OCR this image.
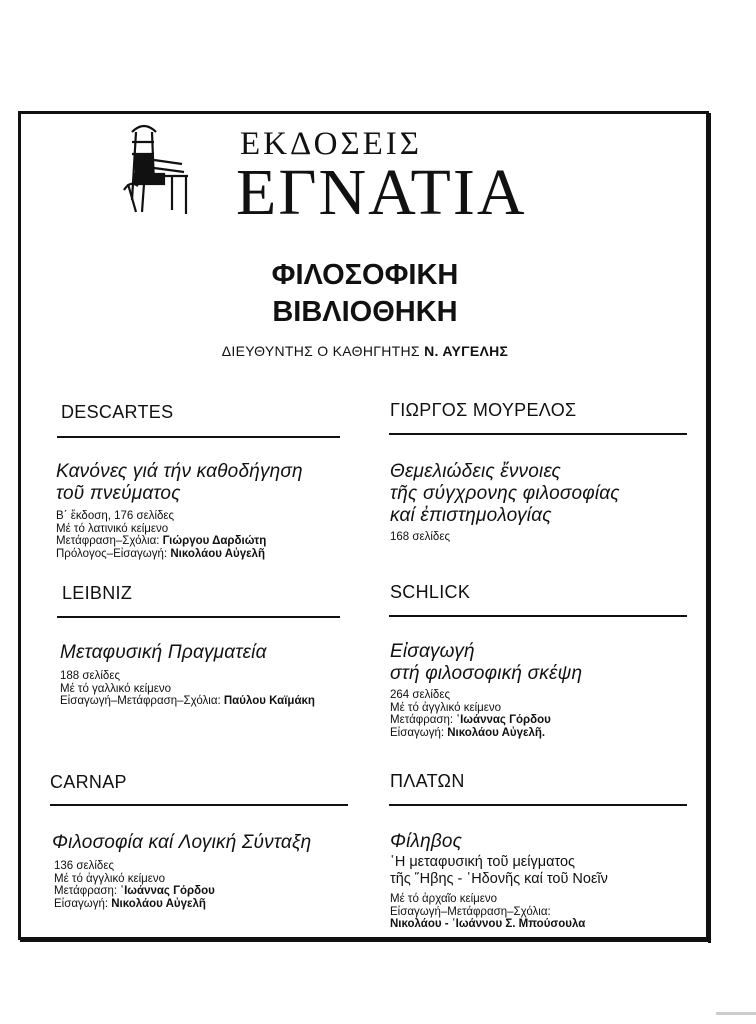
ΕΚΔΟΣΕΙΣ
ΕΓΝΑΤΙΑ
ΦΙΛΟΣΟΦΙΚΗ
ΒΙΒΛΙΟΘΗΚΗ
ΔΙΕΥΘΥΝΤΗΣ Ο ΚΑΘΗΓΗΤΗΣ Ν. ΑΥΓΕΛΗΣ
DESCARTES
Κανόνες γιά τήν καθοδήγηση
τοῦ πνεύματος
Β΄ ἔκδοση, 176 σελίδες
Μέ τό λατινικό κείμενο
Μετάφραση–Σχόλια: Γιώργου Δαρδιώτη
Πρόλογος–Εἰσαγωγή: Νικολάου Αὐγελῆ
ΓΙΩΡΓΟΣ ΜΟΥΡΕΛΟΣ
Θεμελιώδεις ἔννοιες
τῆς σύγχρονης φιλοσοφίας
καί ἐπιστημολογίας
168 σελίδες
LEIBNIZ
Μεταφυσική Πραγματεία
188 σελίδες
Μέ τό γαλλικό κείμενο
Εἰσαγωγή–Μετάφραση–Σχόλια: Παύλου Καϊμάκη
SCHLICK
Εἰσαγωγή
στή φιλοσοφική σκέψη
264 σελίδες
Μέ τό ἀγγλικό κείμενο
Μετάφραση: ῾Ιωάννας Γόρδου
Εἰσαγωγή: Νικολάου Αὐγελῆ.
CARNAP
Φιλοσοφία καί Λογική Σύνταξη
136 σελίδες
Μέ τό ἀγγλικό κείμενο
Μετάφραση: ῾Ιωάννας Γόρδου
Εἰσαγωγή: Νικολάου Αὐγελῆ
ΠΛΑΤΩΝ
Φίληβος
῾Η μεταφυσική τοῦ μείγματος
τῆς ῞Ηβης - ῾Ηδονῆς καί τοῦ Νοεῖν
Μέ τό ἀρχαῖο κείμενο
Εἰσαγωγή–Μετάφραση–Σχόλια:
Νικολάου - ῾Ιωάννου Σ. Μπούσουλα
